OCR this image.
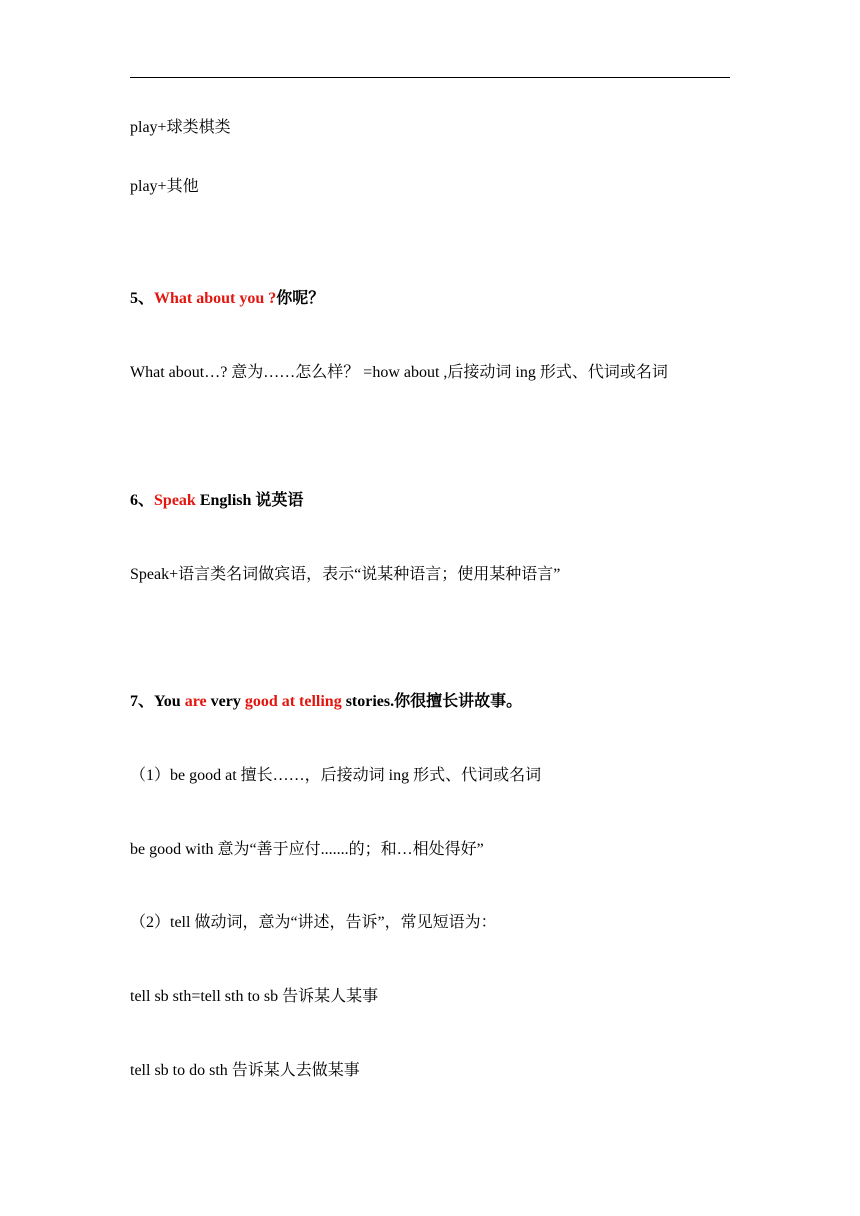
play+球类棋类
play+其他
5、What about you ?你呢？
What about…? 意为……怎么样？ =how about ,后接动词 ing 形式、代词或名词
6、Speak English 说英语
Speak+语言类名词做宾语，表示“说某种语言；使用某种语言”
7、You are very good at telling stories.你很擅长讲故事。
（1）be good at 擅长……，后接动词 ing 形式、代词或名词
be good with 意为“善于应付.......的；和…相处得好”
（2）tell 做动词，意为“讲述，告诉”，常见短语为：
tell sb sth=tell sth to sb 告诉某人某事
tell sb to do sth 告诉某人去做某事
